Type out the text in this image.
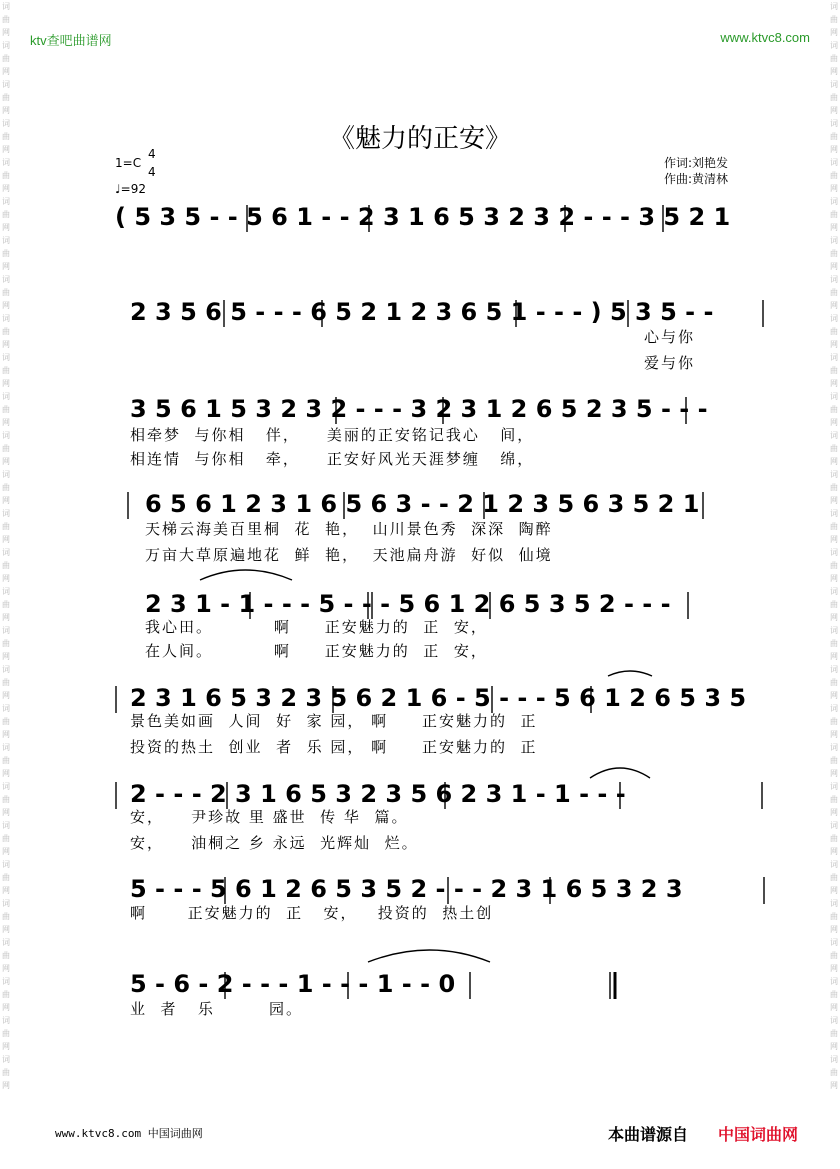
词曲网词曲网词曲网词曲网词曲网词曲网词曲网词曲网词曲网词曲网词曲网词曲网词曲网词曲网词曲网词曲网词曲网词曲网词曲网词曲网词曲网词曲网词曲网词曲网词曲网词曲网词曲网词曲网
词曲网词曲网词曲网词曲网词曲网词曲网词曲网词曲网词曲网词曲网词曲网词曲网词曲网词曲网词曲网词曲网词曲网词曲网词曲网词曲网词曲网词曲网词曲网词曲网词曲网词曲网词曲网词曲网
ktv查吧曲谱网	www.ktvc8.com
《魅力的正安》
1=C
4
4
♩=92
作词:刘艳发
作曲:黄清林
( 5 3 5 - - 5 6 1 - - 2 3 1 6 5 3 2 3 2 - - - 3 5 2 1
2 3 5 6 5 - - - 6 5 2 1 2 3 6 5 1 - - - ) 5 3 5 - -
心与你
爱与你
3 5 6 1 5 3 2 3 2 - - - 3 2 3 1 2 6 5 2 3 5 - - -
相牵梦  与你相   伴，    美丽的正安铭记我心   间，
相连情  与你相   牵，    正安好风光天涯梦缠   绵，
6 5 6 1 2 3 1 6 5 6 3 - - 2 1 2 3 5 6 3 5 2 1
天梯云海美百里桐  花  艳，  山川景色秀  深深  陶醉
万亩大草原遍地花  鲜  艳，  天池扁舟游  好似  仙境
2 3 1 - 1 - - - 5 - - - 5 6 1 2 6 5 3 5 2 - - -
我心田。         啊     正安魅力的  正  安，
在人间。         啊     正安魅力的  正  安，
2 3 1 6 5 3 2 3 5 6 2 1 6 - 5 - - - 5 6 1 2 6 5 3 5
景色美如画  人间  好  家 园， 啊     正安魅力的  正
投资的热土  创业  者  乐 园， 啊     正安魅力的  正
2 - - - 2 3 1 6 5 3 2 3 5 6 2 3 1 - 1 - - -
安，    尹珍故 里 盛世  传 华  篇。
安，    油桐之 乡 永远  光辉灿  烂。
5 - - - 5 6 1 2 6 5 3 5 2 - - - 2 3 1 6 5 3 2 3
啊      正安魅力的  正   安，   投资的  热土创
5 - 6 - 2 - - - 1 - - - 1 - - 0
业  者   乐        园。
www.ktvc8.com 中国词曲网	本曲谱源自 中国词曲网
